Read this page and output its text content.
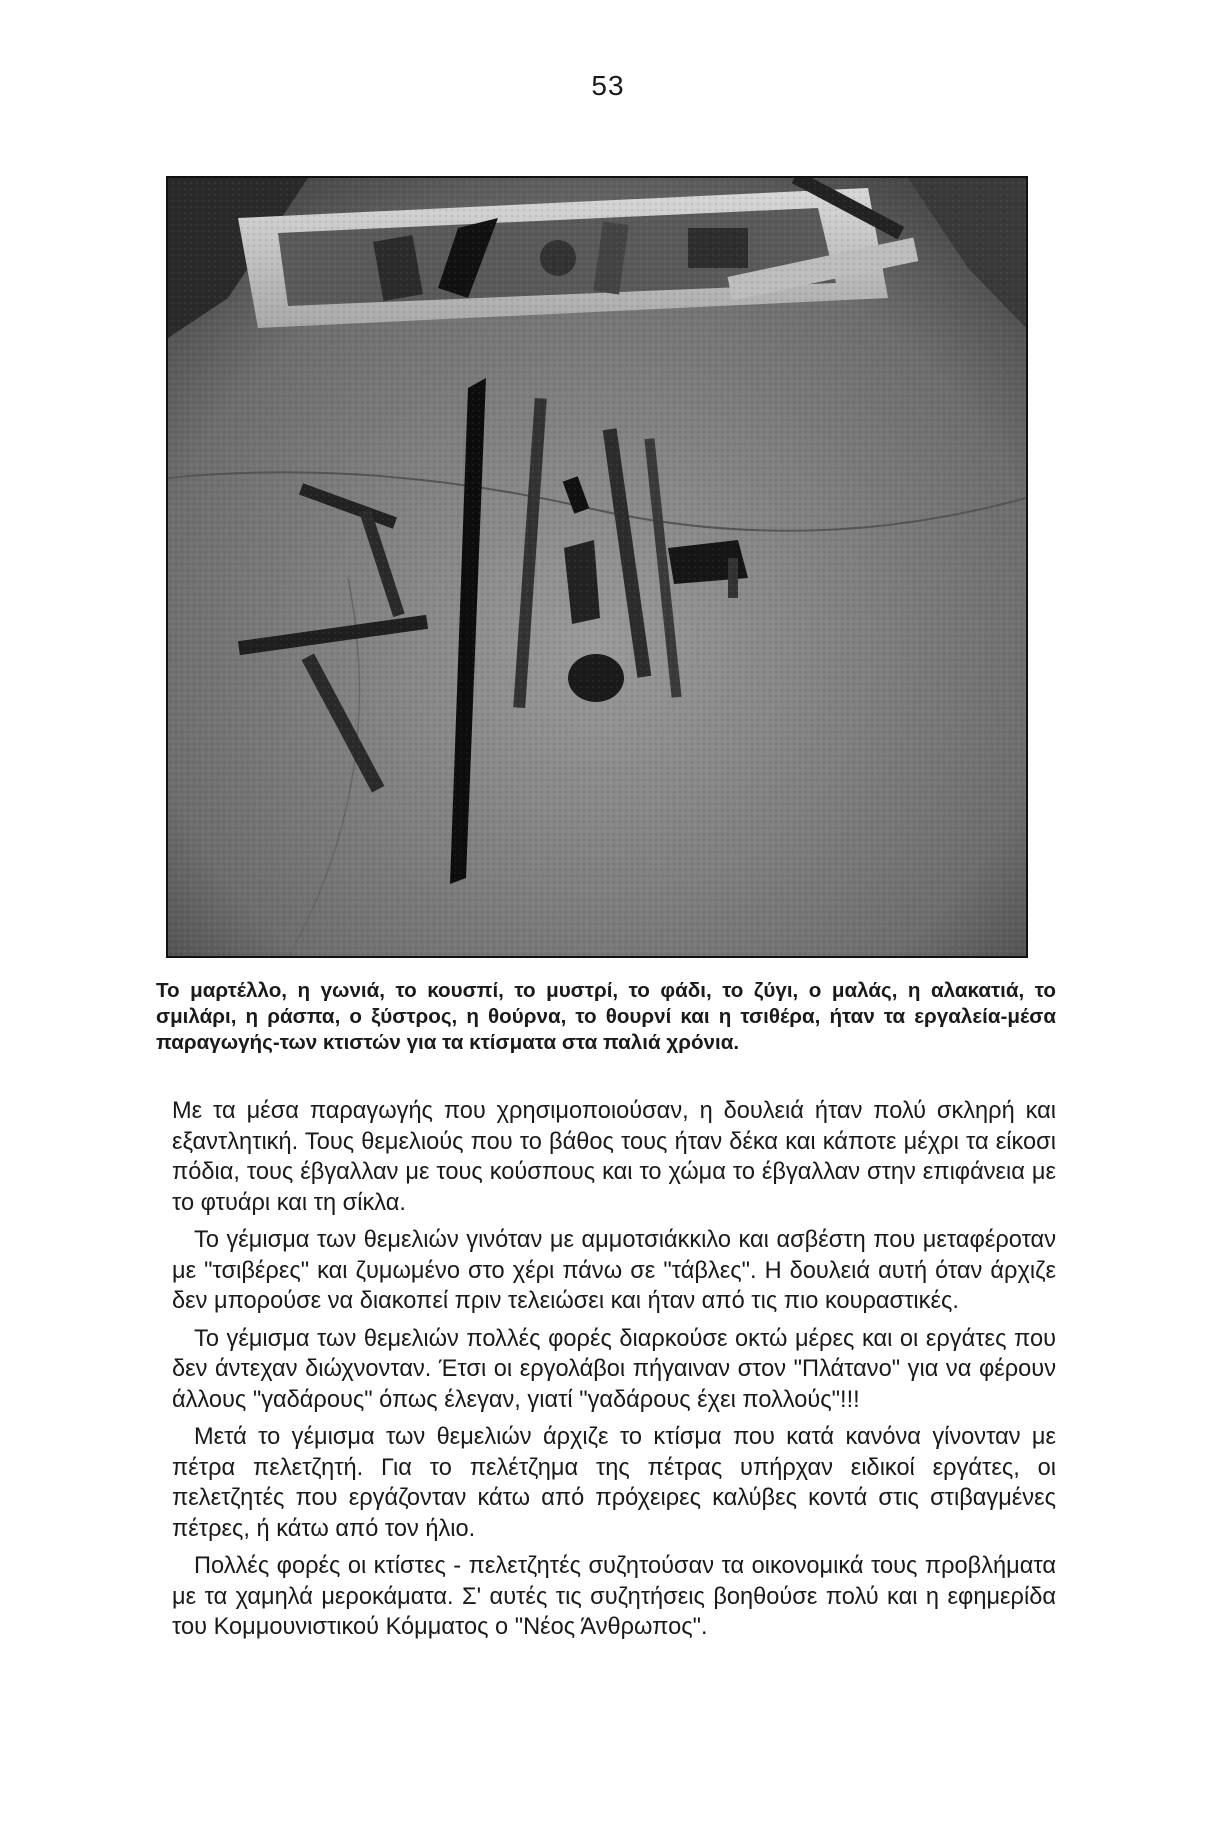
53

Το μαρτέλλο, η γωνιά, το κουσπί, το μυστρί, το φάδι, το ζύγι, ο μαλάς, η αλακατιά, το σμιλάρι, η ράσπα, ο ξύστρος, η θούρνα, το θουρνί και η τσιθέρα, ήταν τα εργαλεία-μέσα παραγωγής-των κτιστών για τα κτίσματα στα παλιά χρόνια.

Με τα μέσα παραγωγής που χρησιμοποιούσαν, η δουλειά ήταν πολύ σκληρή και εξαντλητική. Τους θεμελιούς που το βάθος τους ήταν δέκα και κάποτε μέχρι τα είκοσι πόδια, τους έβγαλλαν με τους κούσπους και το χώμα το έβγαλλαν στην επιφάνεια με το φτυάρι και τη σίκλα.

Το γέμισμα των θεμελιών γινόταν με αμμοτσιάκκιλο και ασβέστη που μεταφέροταν με "τσιβέρες" και ζυμωμένο στο χέρι πάνω σε "τάβλες". Η δουλειά αυτή όταν άρχιζε δεν μπορούσε να διακοπεί πριν τελειώσει και ήταν από τις πιο κουραστικές.

Το γέμισμα των θεμελιών πολλές φορές διαρκούσε οκτώ μέρες και οι εργάτες που δεν άντεχαν διώχνονταν. Έτσι οι εργολάβοι πήγαιναν στον "Πλάτανο" για να φέρουν άλλους "γαδάρους" όπως έλεγαν, γιατί "γαδάρους έχει πολλούς"!!!

Μετά το γέμισμα των θεμελιών άρχιζε το κτίσμα που κατά κανόνα γίνονταν με πέτρα πελετζητή. Για το πελέτζημα της πέτρας υπήρχαν ειδικοί εργάτες, οι πελετζητές που εργάζονταν κάτω από πρόχειρες καλύβες κοντά στις στιβαγμένες πέτρες, ή κάτω από τον ήλιο.

Πολλές φορές οι κτίστες - πελετζητές συζητούσαν τα οικονομικά τους προβλήματα με τα χαμηλά μεροκάματα. Σ' αυτές τις συζητήσεις βοηθούσε πολύ και η εφημερίδα του Κομμουνιστικού Κόμματος ο "Νέος Άνθρωπος".
